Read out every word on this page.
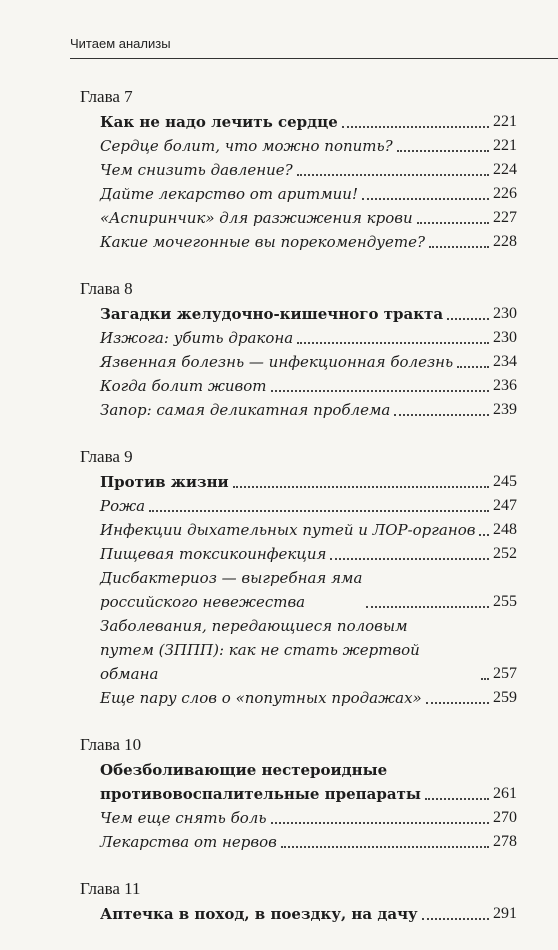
Читаем анализы
Глава 7
Как не надо лечить сердце	221
Сердце болит, что можно попить?	221
Чем снизить давление?	224
Дайте лекарство от аритмии!	226
«Аспиринчик» для разжижения крови	227
Какие мочегонные вы порекомендуете?	228
Глава 8
Загадки желудочно-кишечного тракта	230
Изжога: убить дракона	230
Язвенная болезнь — инфекционная болезнь 234
Когда болит живот	236
Запор: самая деликатная проблема	239
Глава 9
Против жизни	245
Рожа	247
Инфекции дыхательных путей и ЛОР-органов 248
Пищевая токсикоинфекция	252
Дисбактериоз — выгребная яма
российского невежества	255
Заболевания, передающиеся половым
путем (ЗППП): как не стать жертвой обмана	257
Еще пару слов о «попутных продажах»	259
Глава 10
Обезболивающие нестероидные
противовоспалительные препараты	261
Чем еще снять боль	270
Лекарства от нервов	278
Глава 11
Аптечка в поход, в поездку, на дачу	291
